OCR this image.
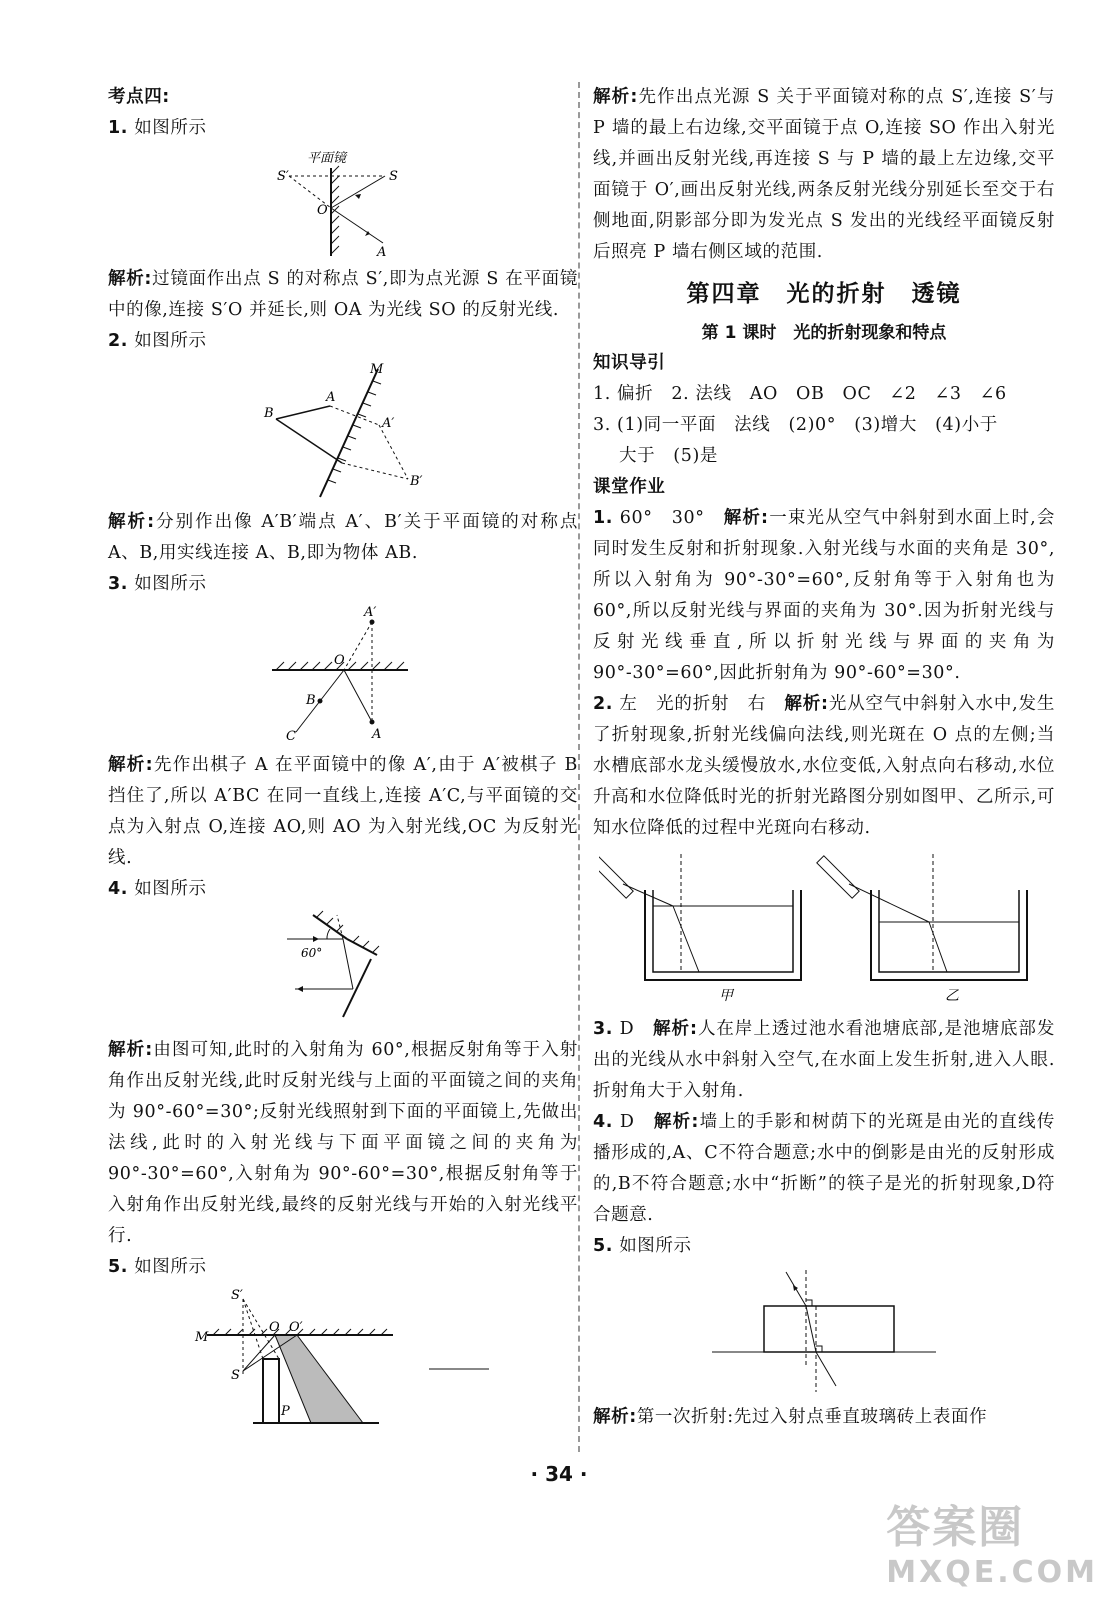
考点四:

1. 如图所示

平面镜
S′	S
O
A

解析:过镜面作出点 S 的对称点 S′,即为点光源 S 在平面镜中的像,连接 S′O 并延长,则 OA 为光线 SO 的反射光线.

2. 如图所示

M
B
A
A′
B′

解析:分别作出像 A′B′端点 A′、B′关于平面镜的对称点 A、B,用实线连接 A、B,即为物体 AB.

3. 如图所示

A′
O
B
C	A

解析:先作出棋子 A 在平面镜中的像 A′,由于 A′被棋子 B 挡住了,所以 A′BC 在同一直线上,连接 A′C,与平面镜的交点为入射点 O,连接 AO,则 AO 为入射光线,OC 为反射光线.

4. 如图所示

60°

解析:由图可知,此时的入射角为 60°,根据反射角等于入射角作出反射光线,此时反射光线与上面的平面镜之间的夹角为 90°-60°=30°;反射光线照射到下面的平面镜上,先做出法线,此时的入射光线与下面平面镜之间的夹角为 90°-30°=60°,入射角为 90°-60°=30°,根据反射角等于入射角作出反射光线,最终的反射光线与开始的入射光线平行.

5. 如图所示

S′
M
O O′
S
P

解析:先作出点光源 S 关于平面镜对称的点 S′,连接 S′与 P 墙的最上右边缘,交平面镜于点 O,连接 SO 作出入射光线,并画出反射光线,再连接 S 与 P 墙的最上左边缘,交平面镜于 O′,画出反射光线,两条反射光线分别延长至交于右侧地面,阴影部分即为发光点 S 发出的光线经平面镜反射后照亮 P 墙右侧区域的范围.

第四章　光的折射　透镜
第 1 课时　光的折射现象和特点

知识导引

1. 偏折　2. 法线　AO　OB　OC　∠2　∠3　∠6

3. (1)同一平面　法线　(2)0°　(3)增大　(4)小于

大于　(5)是

课堂作业

1. 60°　30°　 解析:一束光从空气中斜射到水面上时,会同时发生反射和折射现象.入射光线与水面的夹角是 30°,所以入射角为 90°-30°=60°,反射角等于入射角也为 60°,所以反射光线与界面的夹角为 30°.因为折射光线与反射光线垂直,所以折射光线与界面的夹角为 90°-30°=60°,因此折射角为 90°-60°=30°.

2. 左　光的折射　右　 解析:光从空气中斜射入水中,发生了折射现象,折射光线偏向法线,则光斑在 O 点的左侧;当水槽底部水龙头缓慢放水,水位变低,入射点向右移动,水位升高和水位降低时光的折射光路图分别如图甲、乙所示,可知水位降低的过程中光斑向右移动.

甲	乙

3. D　 解析:人在岸上透过池水看池塘底部,是池塘底部发出的光线从水中斜射入空气,在水面上发生折射,进入人眼.折射角大于入射角.

4. D　 解析:墙上的手影和树荫下的光斑是由光的直线传播形成的,A、C不符合题意;水中的倒影是由光的反射形成的,B不符合题意;水中“折断”的筷子是光的折射现象,D符合题意.

5. 如图所示

解析:第一次折射:先过入射点垂直玻璃砖上表面作

· 34 ·
答案圈
MXQE.COM
